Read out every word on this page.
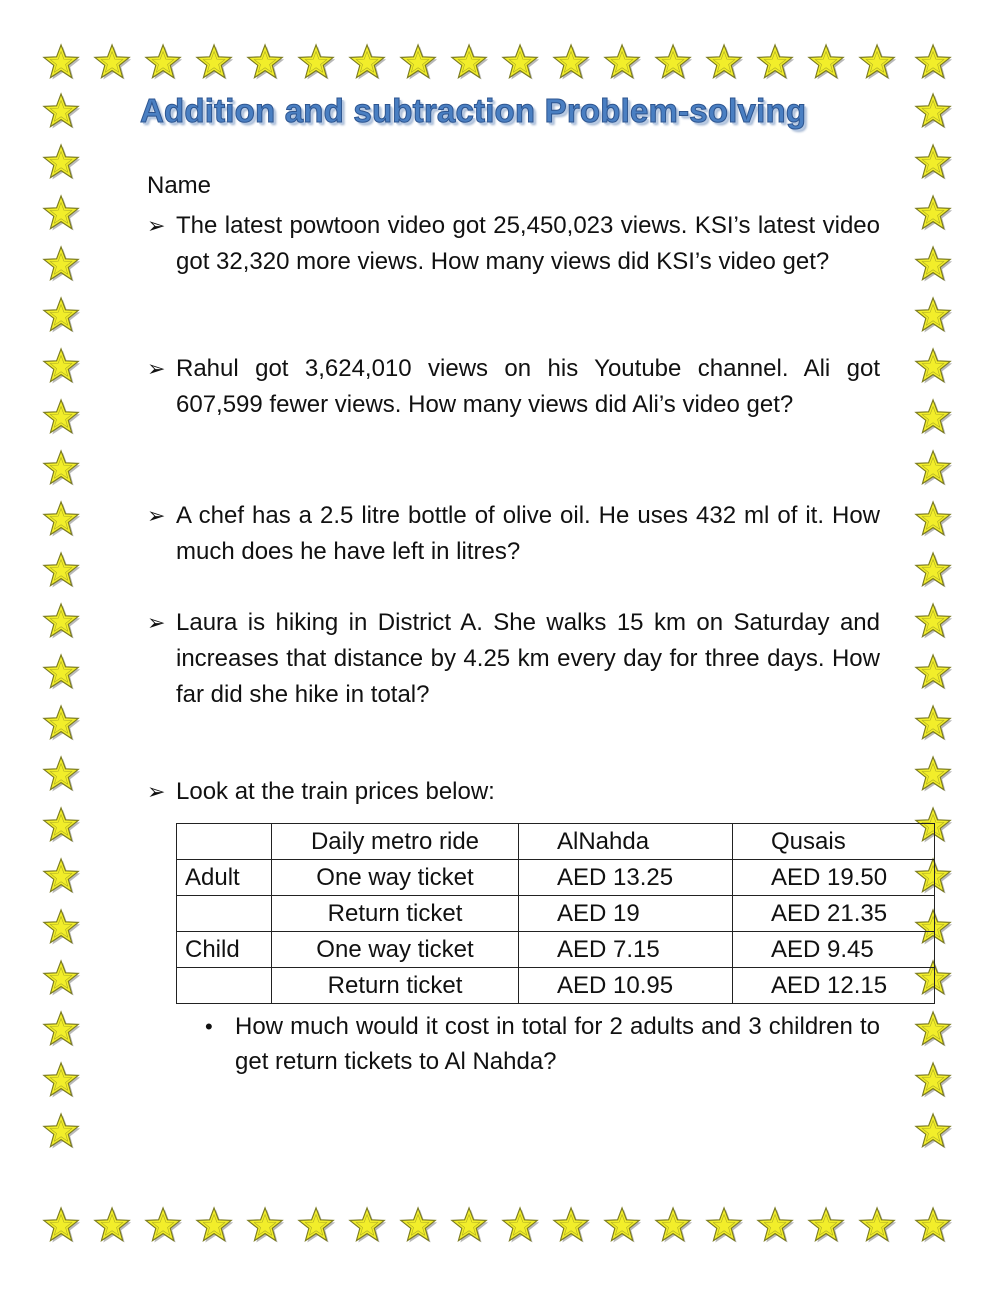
Addition and subtraction Problem-solving
Name
➢ The latest powtoon video got 25,450,023 views. KSI’s latest video got 32,320 more views. How many views did KSI’s video get?
➢ Rahul got 3,624,010 views on his Youtube channel. Ali got 607,599 fewer views. How many views did Ali’s video get?
➢ A chef has a 2.5 litre bottle of olive oil. He uses 432 ml of it. How much does he have left in litres?
➢ Laura is hiking in District A. She walks 15 km on Saturday and increases that distance by 4.25 km every day for three days. How far did she hike in total?
➢ Look at the train prices below:
	Daily metro ride	AlNahda	Qusais
Adult	One way ticket	AED 13.25	AED 19.50
	Return ticket	AED 19	AED 21.35
Child	One way ticket	AED 7.15	AED 9.45
	Return ticket	AED 10.95	AED 12.15
• How much would it cost in total for 2 adults and 3 children to get return tickets to Al Nahda?
